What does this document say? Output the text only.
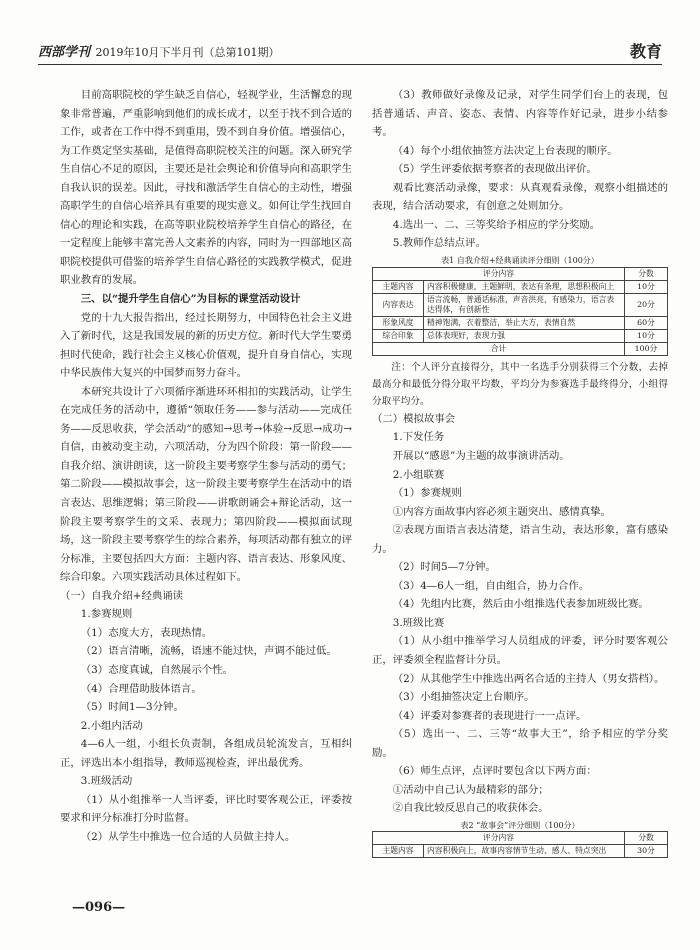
西部学刊 2019年10月下半月刊（总第101期）	教育

目前高职院校的学生缺乏自信心，轻视学业，生活懈怠的现象非常普遍，严重影响到他们的成长成才，以至于找不到合适的工作，或者在工作中得不到重用，毁不到自身价值。增强信心，为工作奠定坚实基础，是值得高职院校关注的问题。深入研究学生自信心不足的原因，主要还是社会舆论和价值导向和高职学生自我认识的误差。因此，寻找和激活学生自信心的主动性，增强高职学生的自信心培养具有重要的现实意义。如何让学生找回自信心的理论和实践，在高等职业院校培养学生自信心的路径，在一定程度上能够丰富完善人文素养的内容，同时为一四部地区高职院校提供可借鉴的培养学生自信心路径的实践教学模式，促进职业教育的发展。

三、以“提升学生自信心”为目标的课堂活动设计

党的十九大报告指出，经过长期努力，中国特色社会主义进入了新时代，这是我国发展的新的历史方位。新时代大学生要勇担时代使命，践行社会主义核心价值观，提升自身自信心，实现中华民族伟大复兴的中国梦而努力奋斗。

本研究共设计了六项循序渐进环环相扣的实践活动，让学生在完成任务的活动中，遵循“领取任务——参与活动——完成任务——反思收获，学会活动”的感知→思考→体验→反思→成功→自信，由被动变主动，六项活动，分为四个阶段：第一阶段——自我介绍、演讲朗读，这一阶段主要考察学生参与活动的勇气；第二阶段——模拟故事会，这一阶段主要考察学生在活动中的语言表达、思维逻辑；第三阶段——讲歌朗诵会+辩论活动，这一阶段主要考察学生的文采、表现力；第四阶段——模拟面试现场，这一阶段主要考察学生的综合素养，每项活动都有独立的评分标准，主要包括四大方面：主题内容、语言表达、形象风度、综合印象。六项实践活动具体过程如下。

（一）自我介绍+经典诵读

1.参赛规则

（1）态度大方，表现热情。

（2）语言清晰，流畅，语速不能过快，声调不能过低。

（3）态度真诚，自然展示个性。

（4）合理借助肢体语言。

（5）时间1—3分钟。

2.小组内活动

4—6人一组，小组长负责制，各组成员轮流发言，互相纠正，评选出本小组指导，教师巡视检查，评出最优秀。

3.班级活动

（1）从小组推举一人当评委，评比时要客观公正，评委按要求和评分标准打分时监督。

（2）从学生中推选一位合适的人员做主持人。

（3）教师做好录像及记录，对学生同学们台上的表现，包括普通话、声音、姿态、表情、内容等作好记录，进步小结参考。

（4）每个小组依抽签方法决定上台表现的顺序。

（5）学生评委依据考察者的表现做出评价。

观看比赛活动录像，要求：从真观看录像，观察小组描述的表现，结合活动要求，有创意之处则加分。

4.选出一、二、三等奖给予相应的学分奖励。

5.教师作总结点评。

表1 自我介绍+经典诵读评分细则（100分）
评分内容		分数
主题内容	内容积极健康，主题鲜明，表达有条理，思想积极向上	10分
内容表达	语言流畅，普通话标准，声音洪亮，有感染力，语言表达得体，有创新性	20分
形象风度	精神饱满，衣着整洁，举止大方，表情自然	60分
综合印象	总体表现好，表现力强	10分
合计		100分

注：个人评分直接得分，其中一名选手分别获得三个分数，去掉最高分和最低分得分取平均数，平均分为参赛选手最终得分，小组得分取平均分。

（二）模拟故事会

1.下发任务

开展以“感恩”为主题的故事演讲活动。

2.小组联赛

（1）参赛规则

①内容方面故事内容必须主题突出、感情真挚。

②表现方面语言表达清楚，语言生动，表达形象，富有感染力。

（2）时间5—7分钟。

（3）4—6人一组，自由组合，协力合作。

（4）先组内比赛，然后由小组推选代表参加班级比赛。

3.班级比赛

（1）从小组中推举学习人员组成的评委，评分时要客观公正，评委须全程监督计分员。

（2）从其他学生中推选出两名合适的主持人（男女搭档）。

（3）小组抽签决定上台顺序。

（4）评委对参赛者的表现进行一一点评。

（5）选出一、二、三等“故事大王”，给予相应的学分奖励。

（6）师生点评，点评时要包含以下两方面：

①活动中自己认为最精彩的部分；

②自我比较反思自己的收获体会。

表2 “故事会”评分细则（100分）
评分内容		分数
主题内容	内容积极向上，故事内容情节生动、感人、特点突出	30分
—096—
